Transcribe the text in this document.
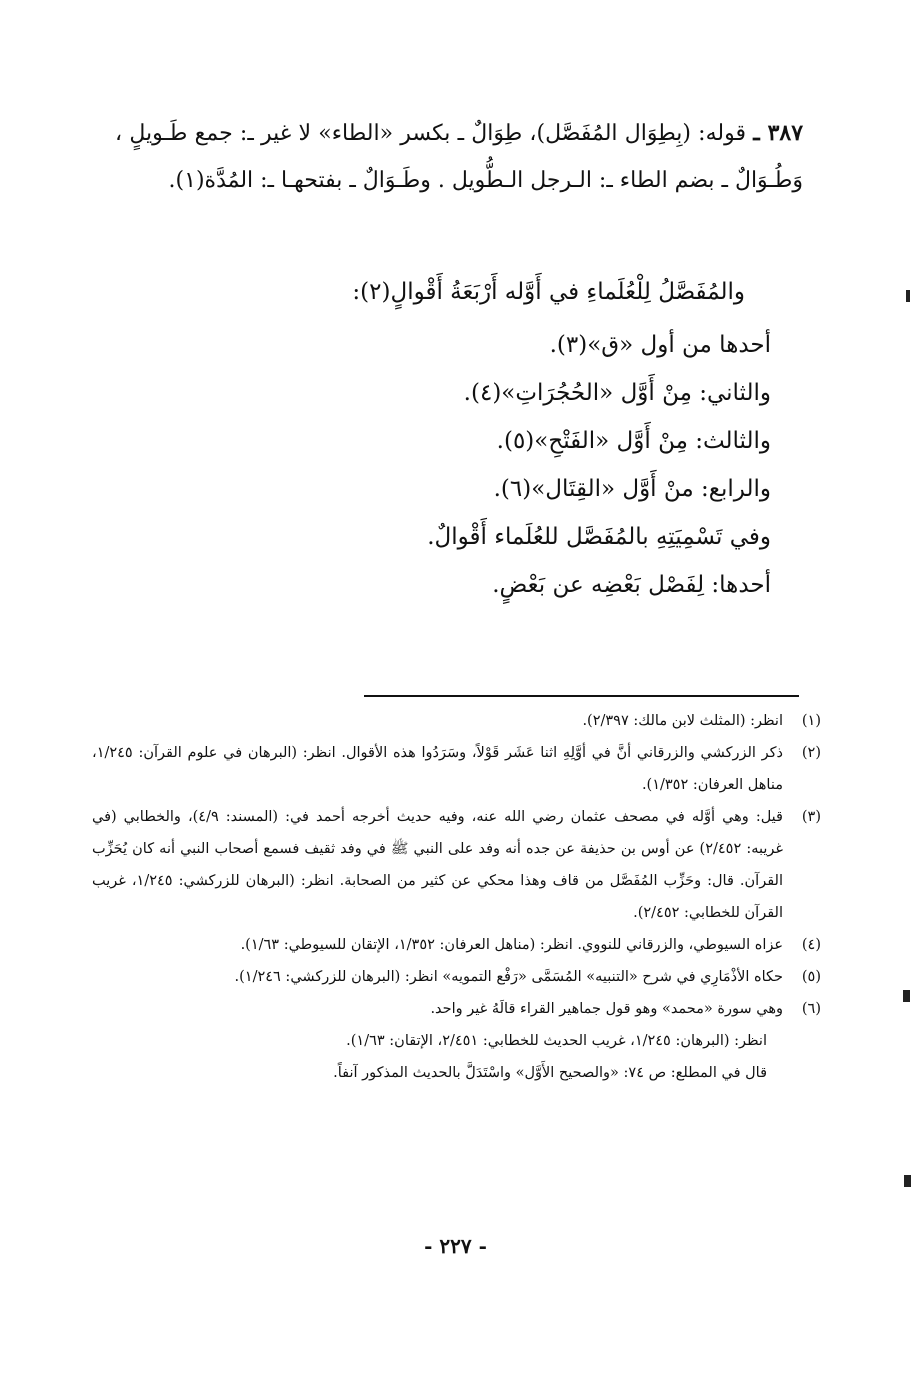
٣٨٧ ـ قوله: (بِطِوَال المُفَصَّل)، طِوَالٌ ـ بكسر «الطاء» لا غير ـ: جمع طَـويلٍ ، وَطُـوَالٌ ـ بضم الطاء ـ: الـرجل الـطُّويل . وطَـوَالٌ ـ بفتحهـا ـ: المُدَّة(١).
والمُفَصَّلُ لِلْعُلَماءِ في أَوَّله أَرْبَعَةُ أَقْوالٍ(٢):
أحدها من أول «ق»(٣).
والثاني: مِنْ أَوَّل «الحُجُرَاتِ»(٤).
والثالث: مِنْ أَوَّل «الفَتْحِ»(٥).
والرابع: منْ أَوَّل «القِتَال»(٦).
وفي تَسْمِيَتِهِ بالمُفَصَّل للعُلَماء أَقْوالٌ.
أحدها: لِفَصْل بَعْضِه عن بَعْضٍ.
(١)
انظر: (المثلث لابن مالك: ٢/٣٩٧).
(٢)
ذكر الزركشي والزرقاني أنَّ في أوَّلِهِ اثنا عَشَر قَوْلاً، وسَرَدُوا هذه الأقوال. انظر: (البرهان في علوم القرآن: ١/٢٤٥، مناهل العرفان: ١/٣٥٢).
(٣)
قيل: وهي أوَّله في مصحف عثمان رضي الله عنه، وفيه حديث أخرجه أحمد في: (المسند: ٤/٩)، والخطابي (في غريبه: ٢/٤٥٢) عن أوس بن حذيفة عن جده أنه وفد على النبي ﷺ في وفد ثقيف فسمع أصحاب النبي أنه كان يُحَزِّب القرآن. قال: وحَزِّب المُفَصَّل من قاف وهذا محكي عن كثير من الصحابة. انظر: (البرهان للزركشي: ١/٢٤٥، غريب القرآن للخطابي: ٢/٤٥٢).
(٤)
عزاه السيوطي، والزرقاني للنووي. انظر: (مناهل العرفان: ١/٣٥٢، الإتقان للسيوطي: ١/٦٣).
(٥)
حكاه الأذْمَارِي في شرح «التنبيه» المُسَمَّى «رَفْع التمويه» انظر: (البرهان للزركشي: ١/٢٤٦).
(٦)
وهي سورة «محمد» وهو قول جماهير القراء قالَهُ غير واحد.
انظر: (البرهان: ١/٢٤٥، غريب الحديث للخطابي: ٢/٤٥١، الإتقان: ١/٦٣).
قال في المطلع: ص ٧٤: «والصحيح الأَوَّل» واسْتَدَلَّ بالحديث المذكور آنفاً.
- ٢٢٧ -
